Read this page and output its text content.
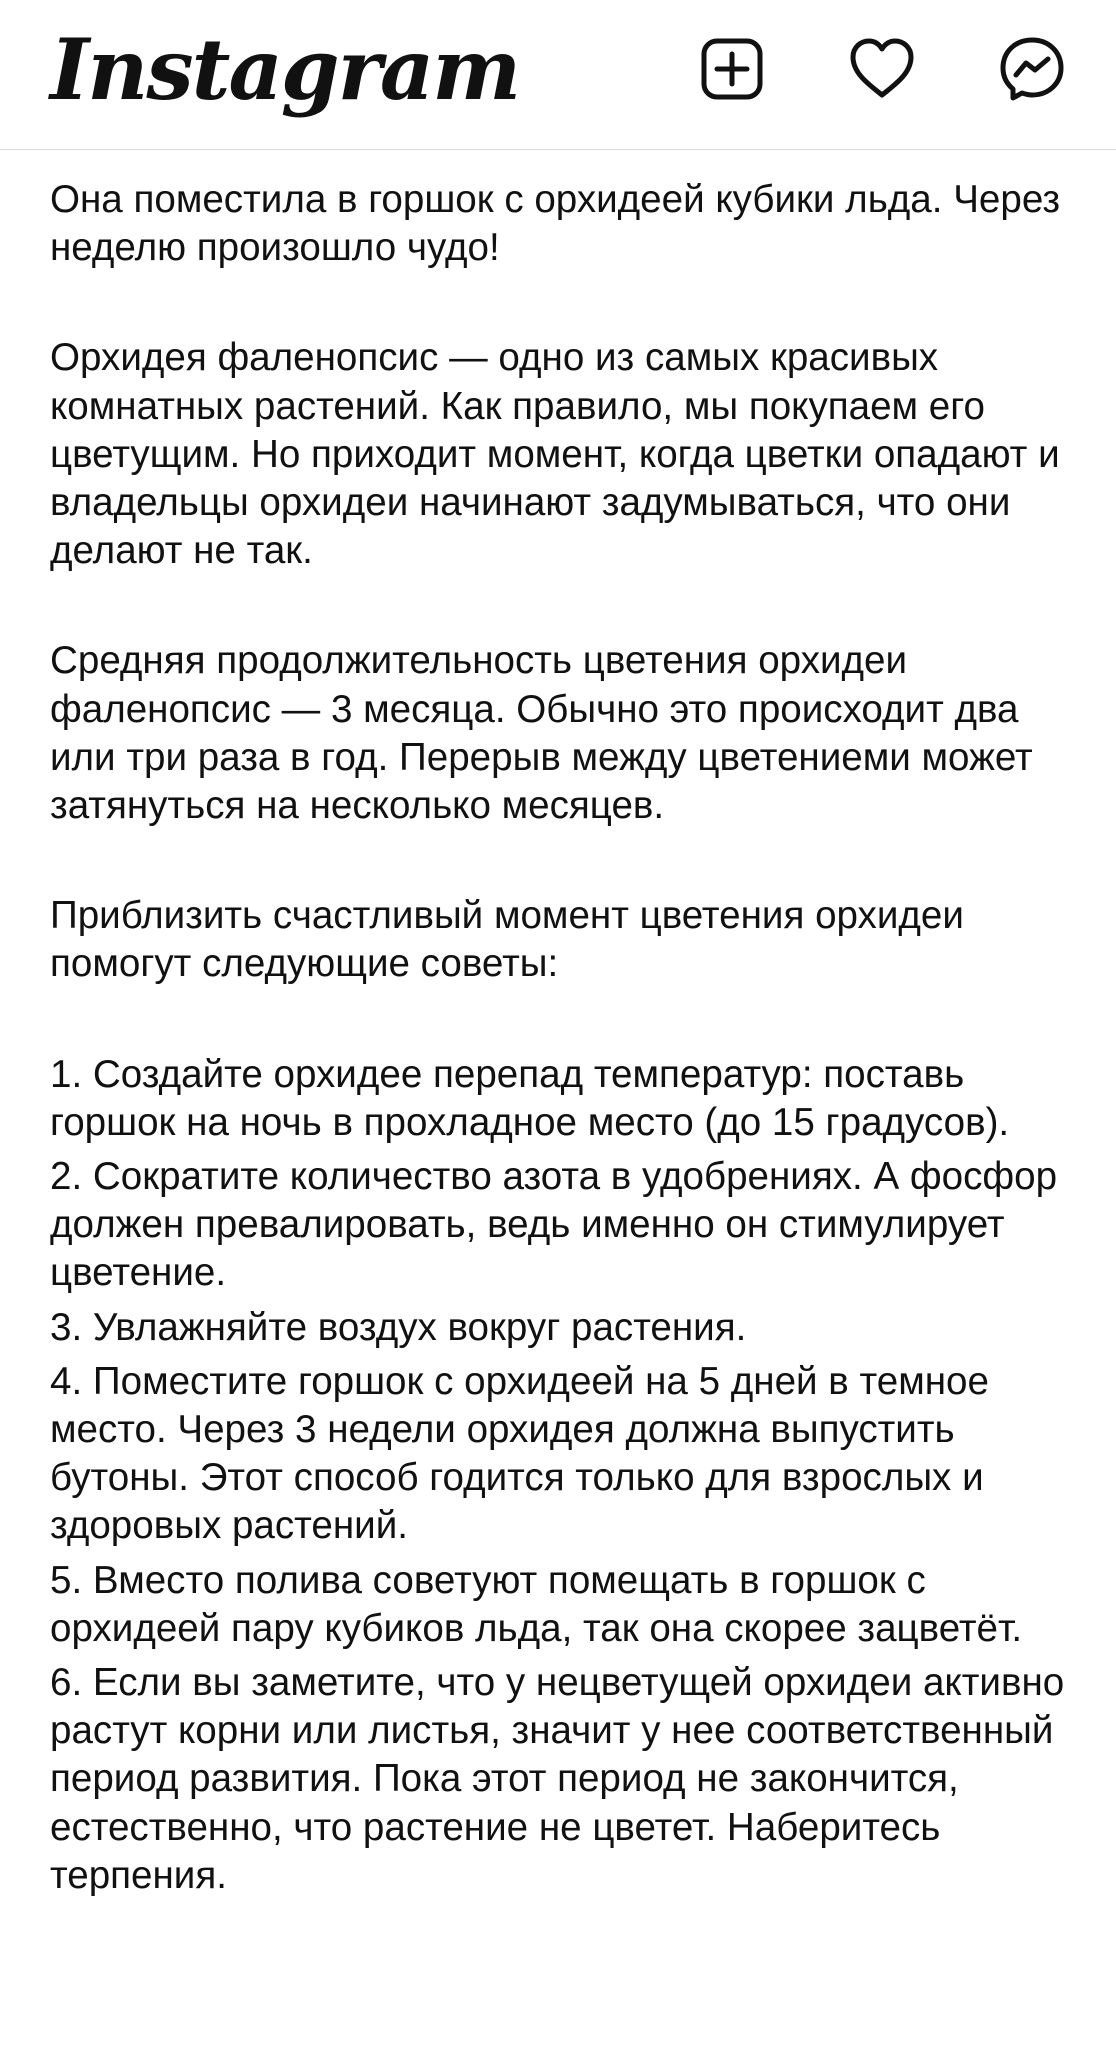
Instagram

Она поместила в горшок с орхидеей кубики льда. Через неделю произошло чудо!

Орхидея фаленопсис — одно из самых красивых комнатных растений. Как правило, мы покупаем его цветущим. Но приходит момент, когда цветки опадают и владельцы орхидеи начинают задумываться, что они делают не так.

Средняя продолжительность цветения орхидеи фаленопсис — 3 месяца. Обычно это происходит два или три раза в год. Перерыв между цветениеми может затянуться на несколько месяцев.

Приблизить счастливый момент цветения орхидеи помогут следующие советы:

1. Создайте орхидее перепад температур: поставь горшок на ночь в прохладное место (до 15 градусов).

2. Сократите количество азота в удобрениях. А фосфор должен превалировать, ведь именно он стимулирует цветение.

3. Увлажняйте воздух вокруг растения.

4. Поместите горшок с орхидеей на 5 дней в темное место. Через 3 недели орхидея должна выпустить бутоны. Этот способ годится только для взрослых и здоровых растений.

5. Вместо полива советуют помещать в горшок с орхидеей пару кубиков льда, так она скорее зацветёт.

6. Если вы заметите, что у нецветущей орхидеи активно растут корни или листья, значит у нее соответственный период развития. Пока этот период не закончится, естественно, что растение не цветет. Наберитесь терпения.
